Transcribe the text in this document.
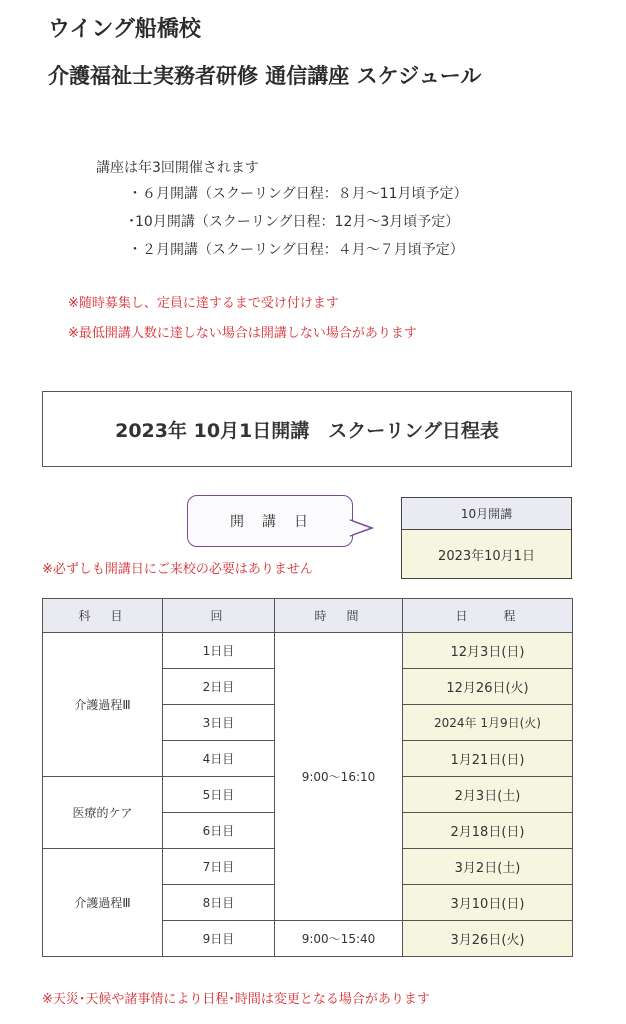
ウイング船橋校
介護福祉士実務者研修 通信講座 スケジュール
講座は年3回開催されます
・６月開講（スクーリング日程：８月～11月頃予定）
･10月開講（スクーリング日程：12月～3月頃予定）
・２月開講（スクーリング日程：４月～７月頃予定）
※随時募集し、定員に達するまで受け付けます
※最低開講人数に達しない場合は開講しない場合があります
2023年 10月1日開講　スクーリング日程表
開　講　日
※必ずしも開講日にご来校の必要はありません
10月開講
2023年10月1日
科　目	回	時　間	日　　程
介護過程Ⅲ	1日目	9:00～16:10	12月3日(日)
	2日目		12月26日(火)
	3日目		2024年 1月9日(火)
	4日目		1月21日(日)
医療的ケア	5日目		2月3日(土)
	6日目		2月18日(日)
介護過程Ⅲ	7日目		3月2日(土)
	8日目		3月10日(日)
	9日目	9:00～15:40	3月26日(火)
※天災･天候や諸事情により日程･時間は変更となる場合があります
